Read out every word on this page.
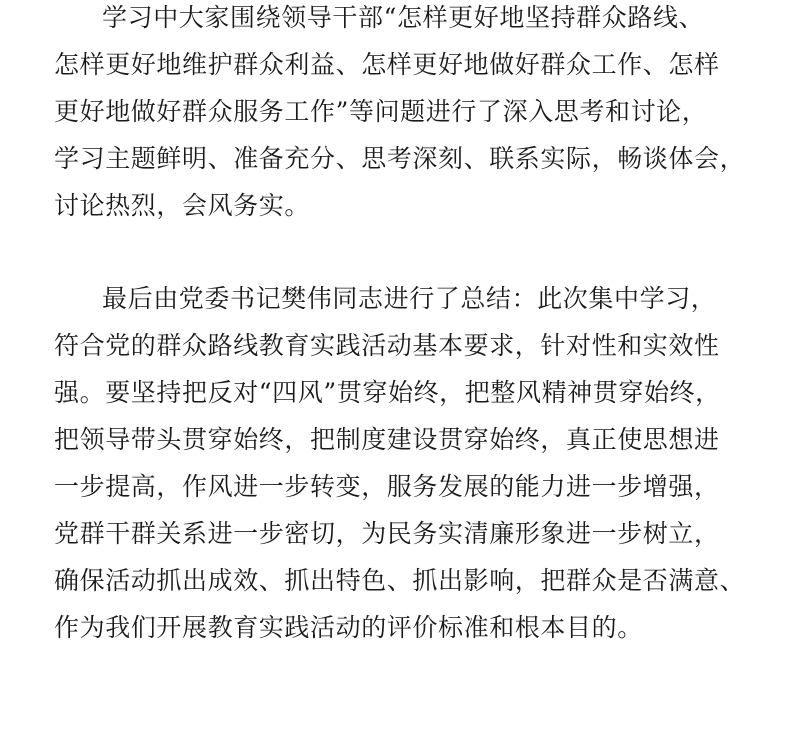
学习中大家围绕领导干部“怎样更好地坚持群众路线、
怎样更好地维护群众利益、怎样更好地做好群众工作、怎样
更好地做好群众服务工作”等问题进行了深入思考和讨论，
学习主题鲜明、准备充分、思考深刻、联系实际，畅谈体会，
讨论热烈，会风务实。
最后由党委书记樊伟同志进行了总结：此次集中学习，
符合党的群众路线教育实践活动基本要求，针对性和实效性
强。要坚持把反对“四风”贯穿始终，把整风精神贯穿始终，
把领导带头贯穿始终，把制度建设贯穿始终，真正使思想进
一步提高，作风进一步转变，服务发展的能力进一步增强，
党群干群关系进一步密切，为民务实清廉形象进一步树立，
确保活动抓出成效、抓出特色、抓出影响，把群众是否满意、
作为我们开展教育实践活动的评价标准和根本目的。
